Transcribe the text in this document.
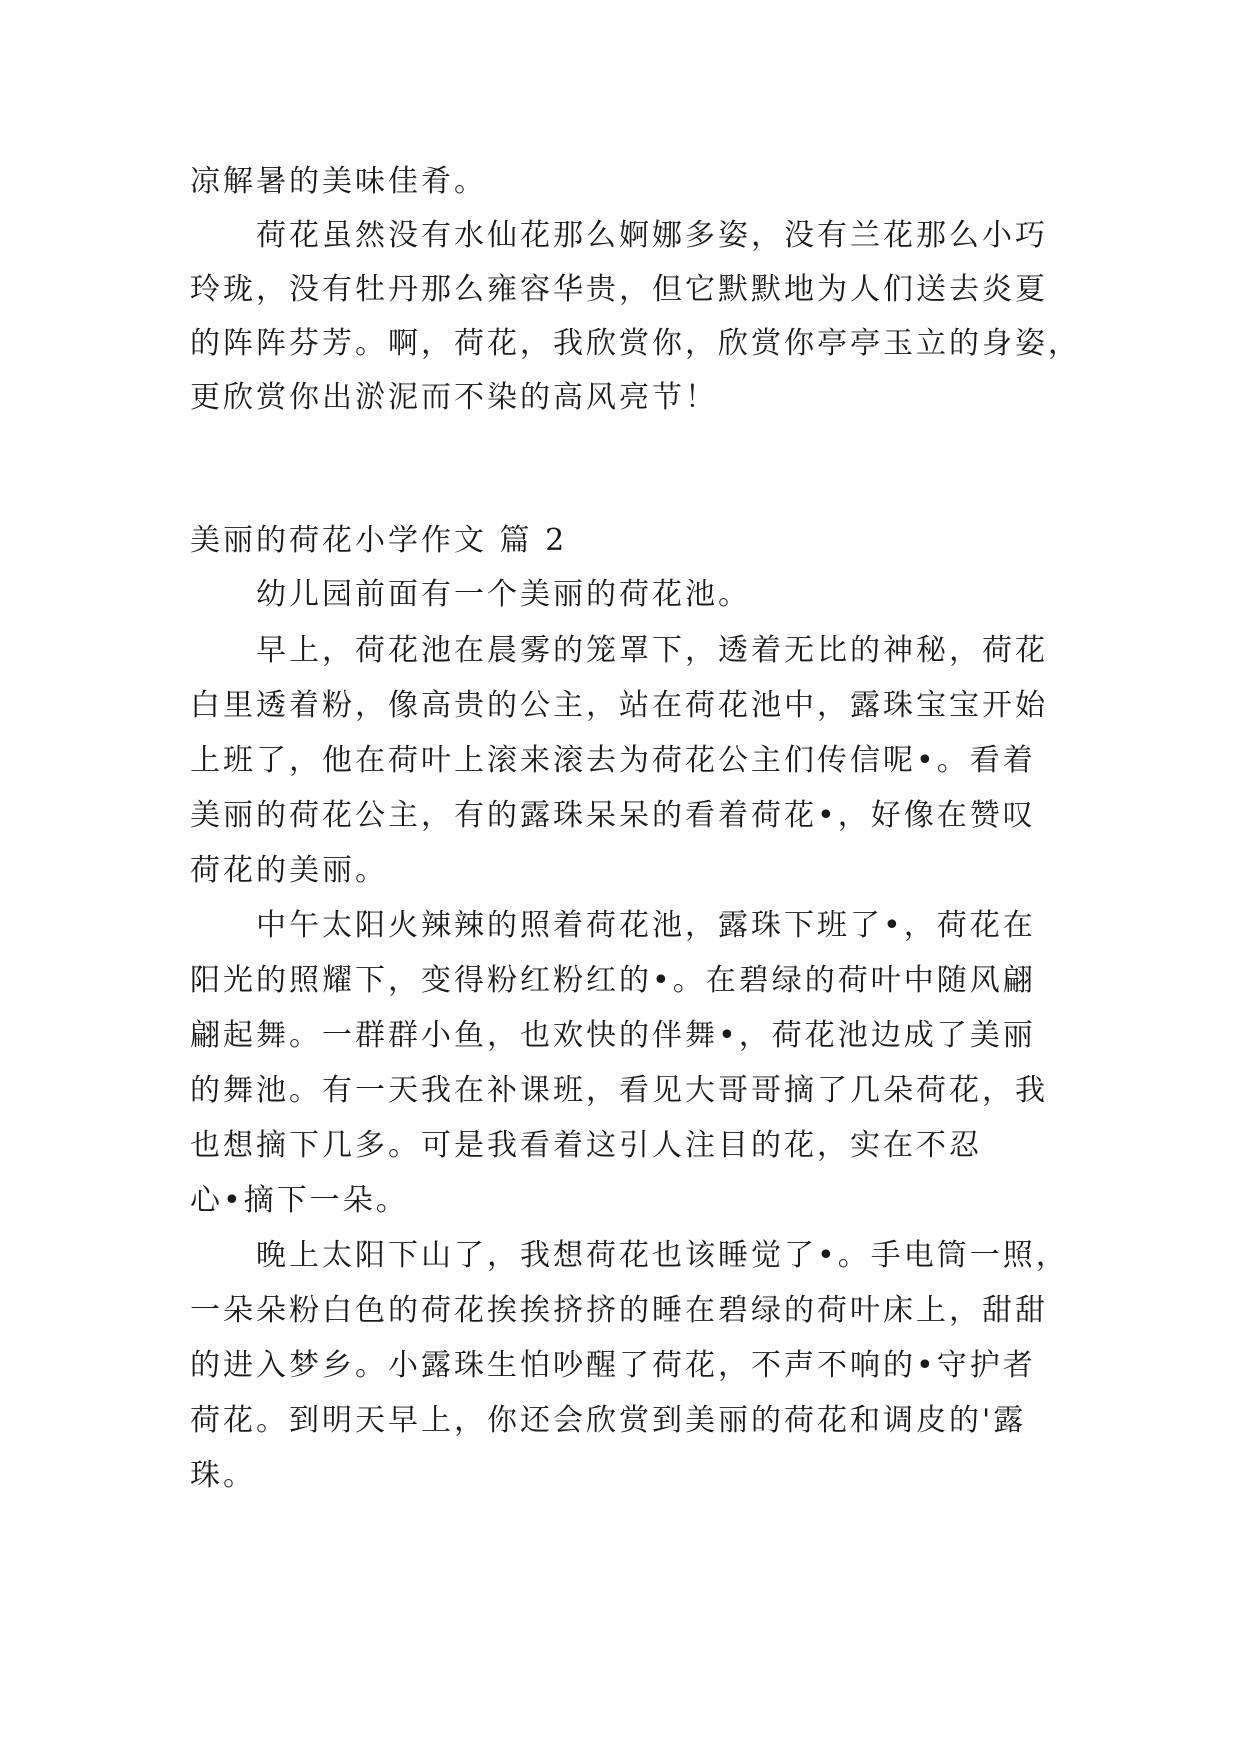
凉解暑的美味佳肴。
荷花虽然没有水仙花那么婀娜多姿，没有兰花那么小巧
玲珑，没有牡丹那么雍容华贵，但它默默地为人们送去炎夏
的阵阵芬芳。啊，荷花，我欣赏你，欣赏你亭亭玉立的身姿，
更欣赏你出淤泥而不染的高风亮节！
美丽的荷花小学作文 篇 2
幼儿园前面有一个美丽的荷花池。
早上，荷花池在晨雾的笼罩下，透着无比的神秘，荷花
白里透着粉，像高贵的公主，站在荷花池中，露珠宝宝开始
上班了，他在荷叶上滚来滚去为荷花公主们传信呢•。看着
美丽的荷花公主，有的露珠呆呆的看着荷花•，好像在赞叹
荷花的美丽。
中午太阳火辣辣的照着荷花池，露珠下班了•，荷花在
阳光的照耀下，变得粉红粉红的•。在碧绿的荷叶中随风翩
翩起舞。一群群小鱼，也欢快的伴舞•，荷花池边成了美丽
的舞池。有一天我在补课班，看见大哥哥摘了几朵荷花，我
也想摘下几多。可是我看着这引人注目的花，实在不忍
心•摘下一朵。
晚上太阳下山了，我想荷花也该睡觉了•。手电筒一照，
一朵朵粉白色的荷花挨挨挤挤的睡在碧绿的荷叶床上，甜甜
的进入梦乡。小露珠生怕吵醒了荷花，不声不响的•守护者
荷花。到明天早上，你还会欣赏到美丽的荷花和调皮的'露
珠。
